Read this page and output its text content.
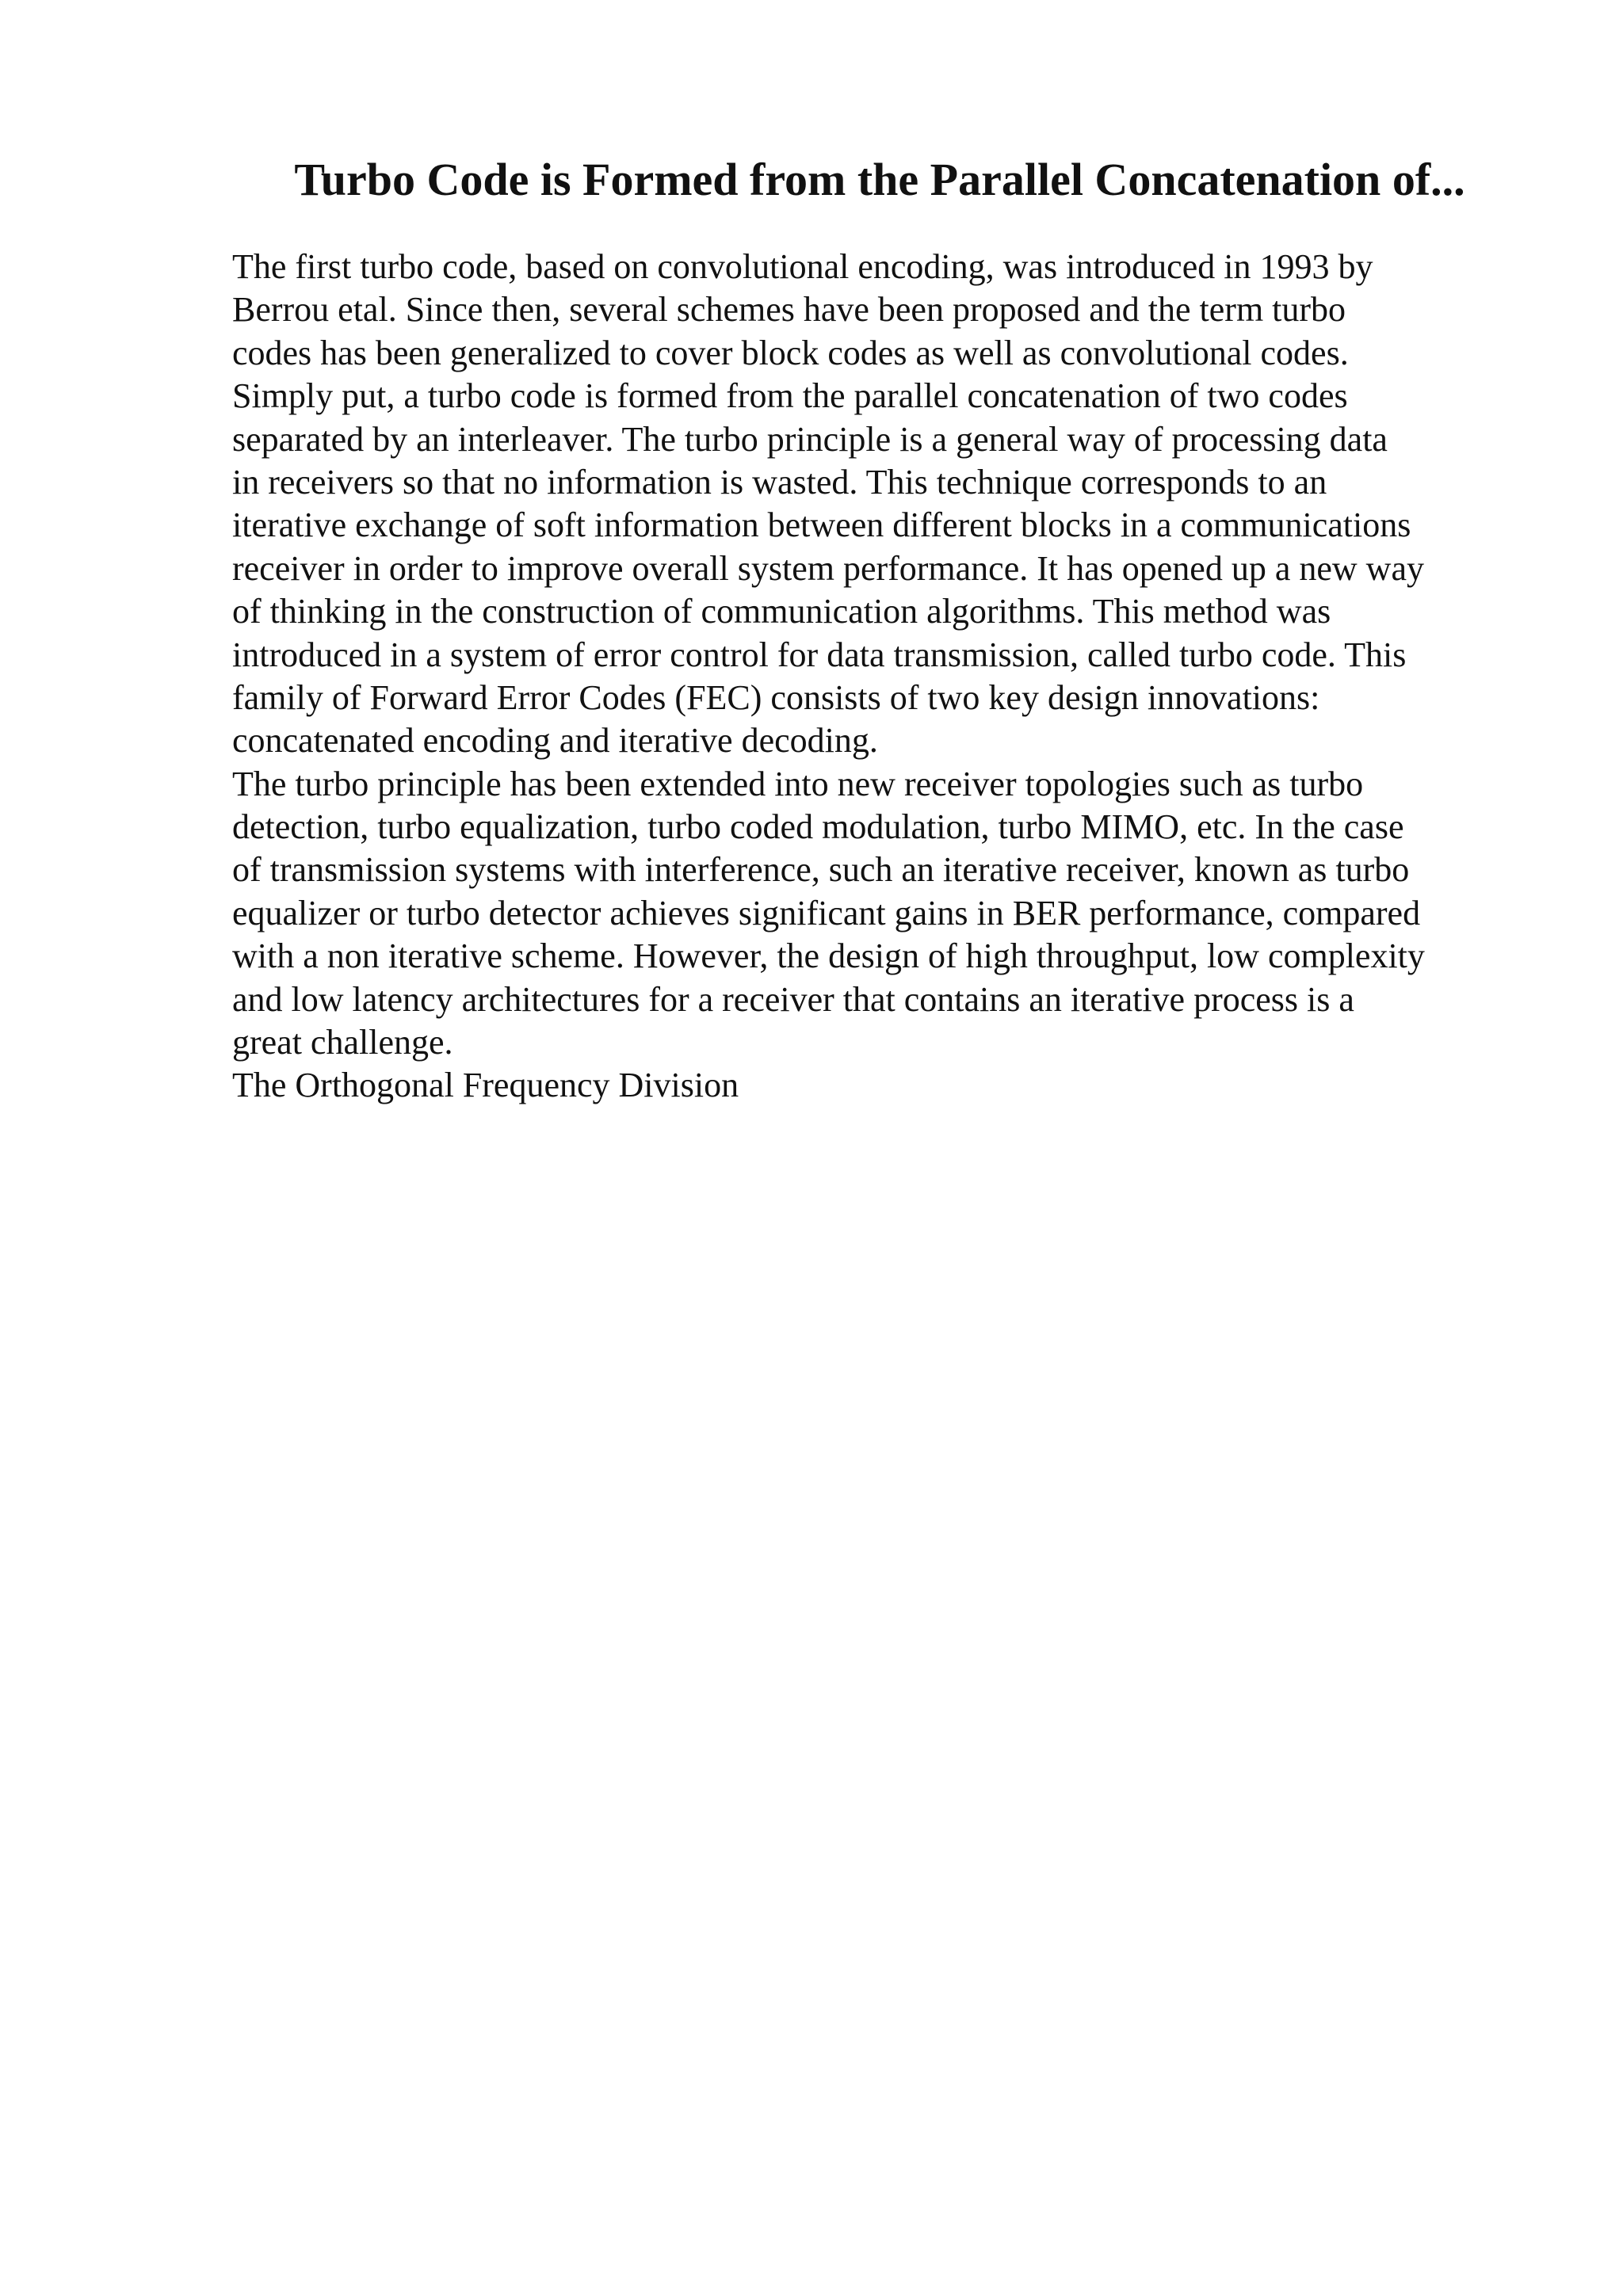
Turbo Code is Formed from the Parallel Concatenation of...
The first turbo code, based on convolutional encoding, was introduced in 1993 by
Berrou etal. Since then, several schemes have been proposed and the term turbo
codes has been generalized to cover block codes as well as convolutional codes.
Simply put, a turbo code is formed from the parallel concatenation of two codes
separated by an interleaver. The turbo principle is a general way of processing data
in receivers so that no information is wasted. This technique corresponds to an
iterative exchange of soft information between different blocks in a communications
receiver in order to improve overall system performance. It has opened up a new way
of thinking in the construction of communication algorithms. This method was
introduced in a system of error control for data transmission, called turbo code. This
family of Forward Error Codes (FEC) consists of two key design innovations:
concatenated encoding and iterative decoding.
The turbo principle has been extended into new receiver topologies such as turbo
detection, turbo equalization, turbo coded modulation, turbo MIMO, etc. In the case
of transmission systems with interference, such an iterative receiver, known as turbo
equalizer or turbo detector achieves significant gains in BER performance, compared
with a non iterative scheme. However, the design of high throughput, low complexity
and low latency architectures for a receiver that contains an iterative process is a
great challenge.
The Orthogonal Frequency Division
